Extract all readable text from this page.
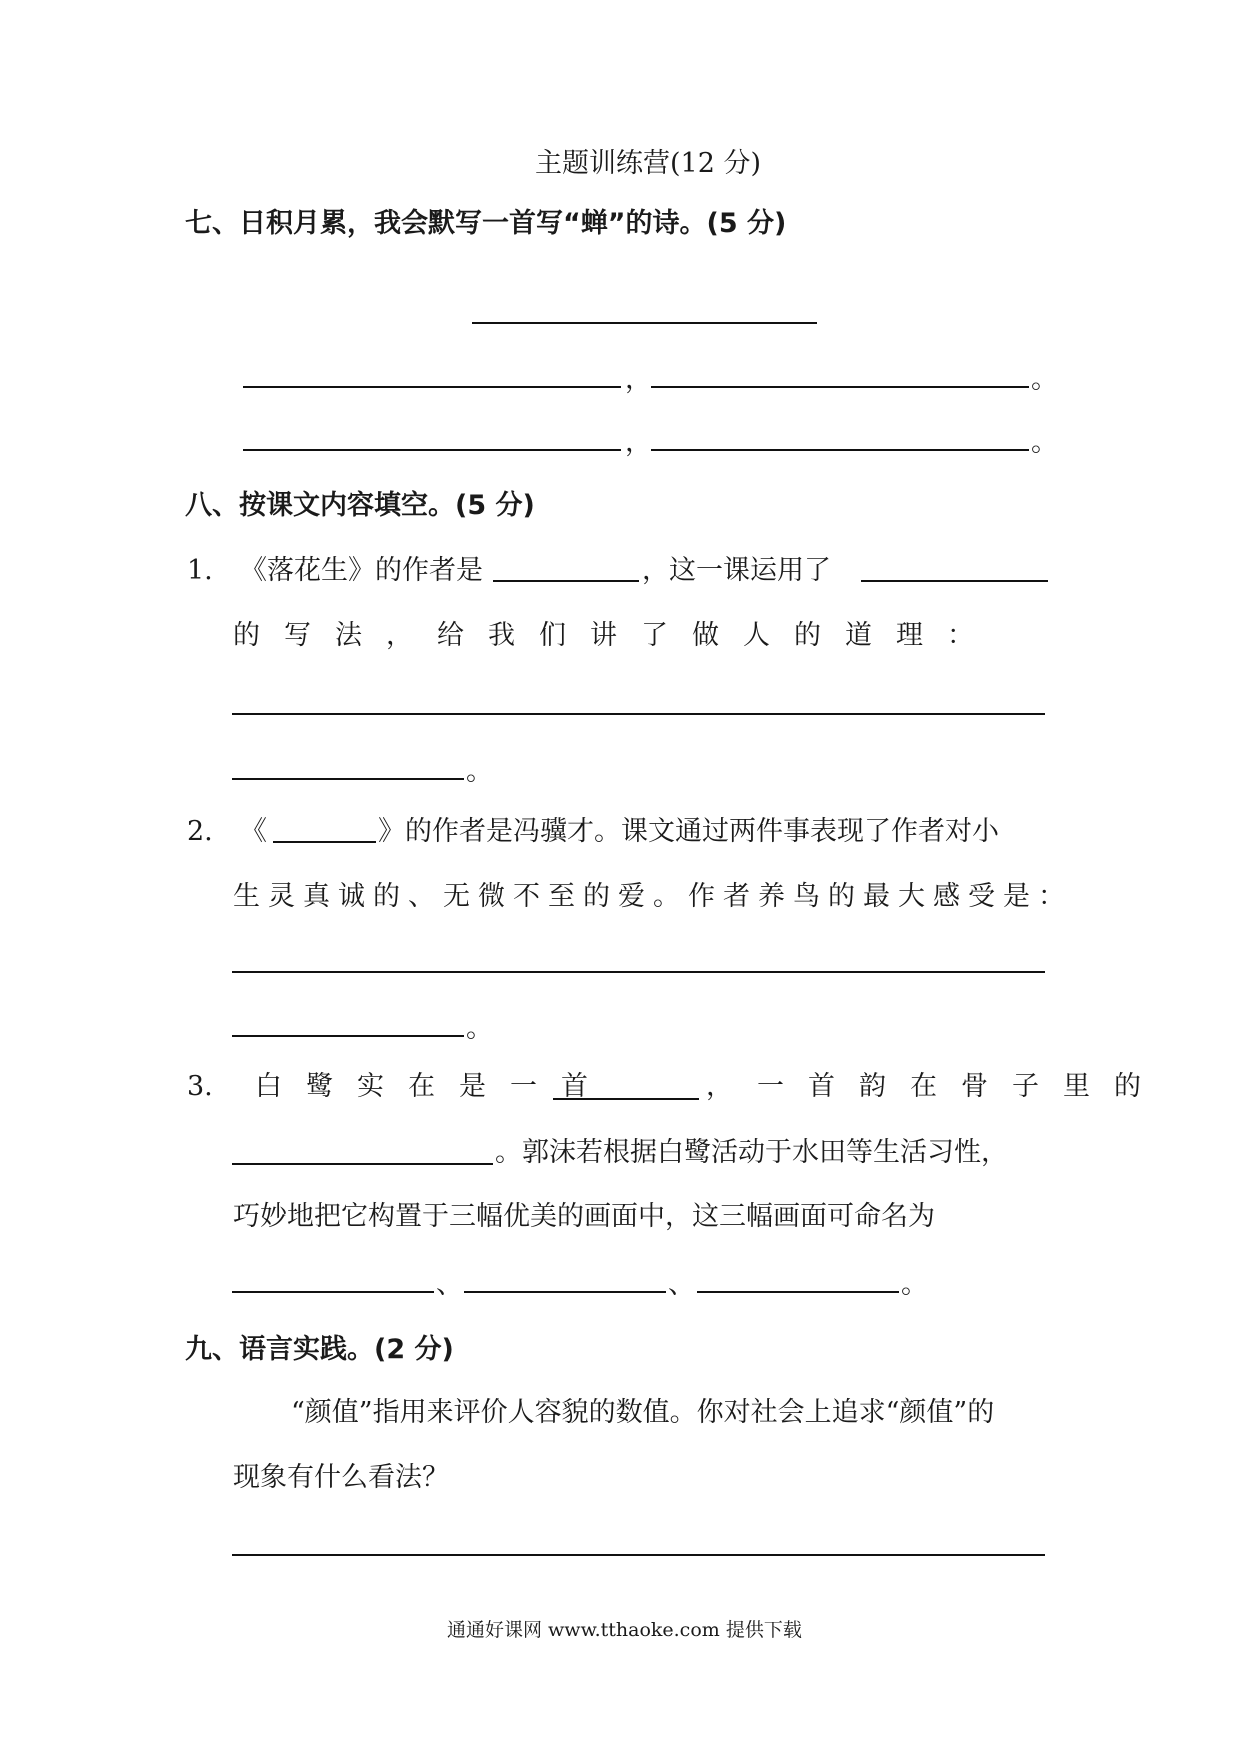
主题训练营(12 分)
七、日积月累，我会默写一首写“蝉”的诗。(5 分)
，	。
，	。
八、按课文内容填空。(5 分)
1. 《落花生》的作者是	，这一课运用了
的写法，给我们讲了做人的道理：
。
2. 《	》的作者是冯骥才。课文通过两件事表现了作者对小
生灵真诚的、无微不至的爱。作者养鸟的最大感受是：
。
3. 白鹭实在是一首	，一首韵在骨子里的
。郭沫若根据白鹭活动于水田等生活习性，
巧妙地把它构置于三幅优美的画面中，这三幅画面可命名为
、	、	。
九、语言实践。(2 分)
“颜值”指用来评价人容貌的数值。你对社会上追求“颜值”的
现象有什么看法？
通通好课网 www.tthaoke.com 提供下载
